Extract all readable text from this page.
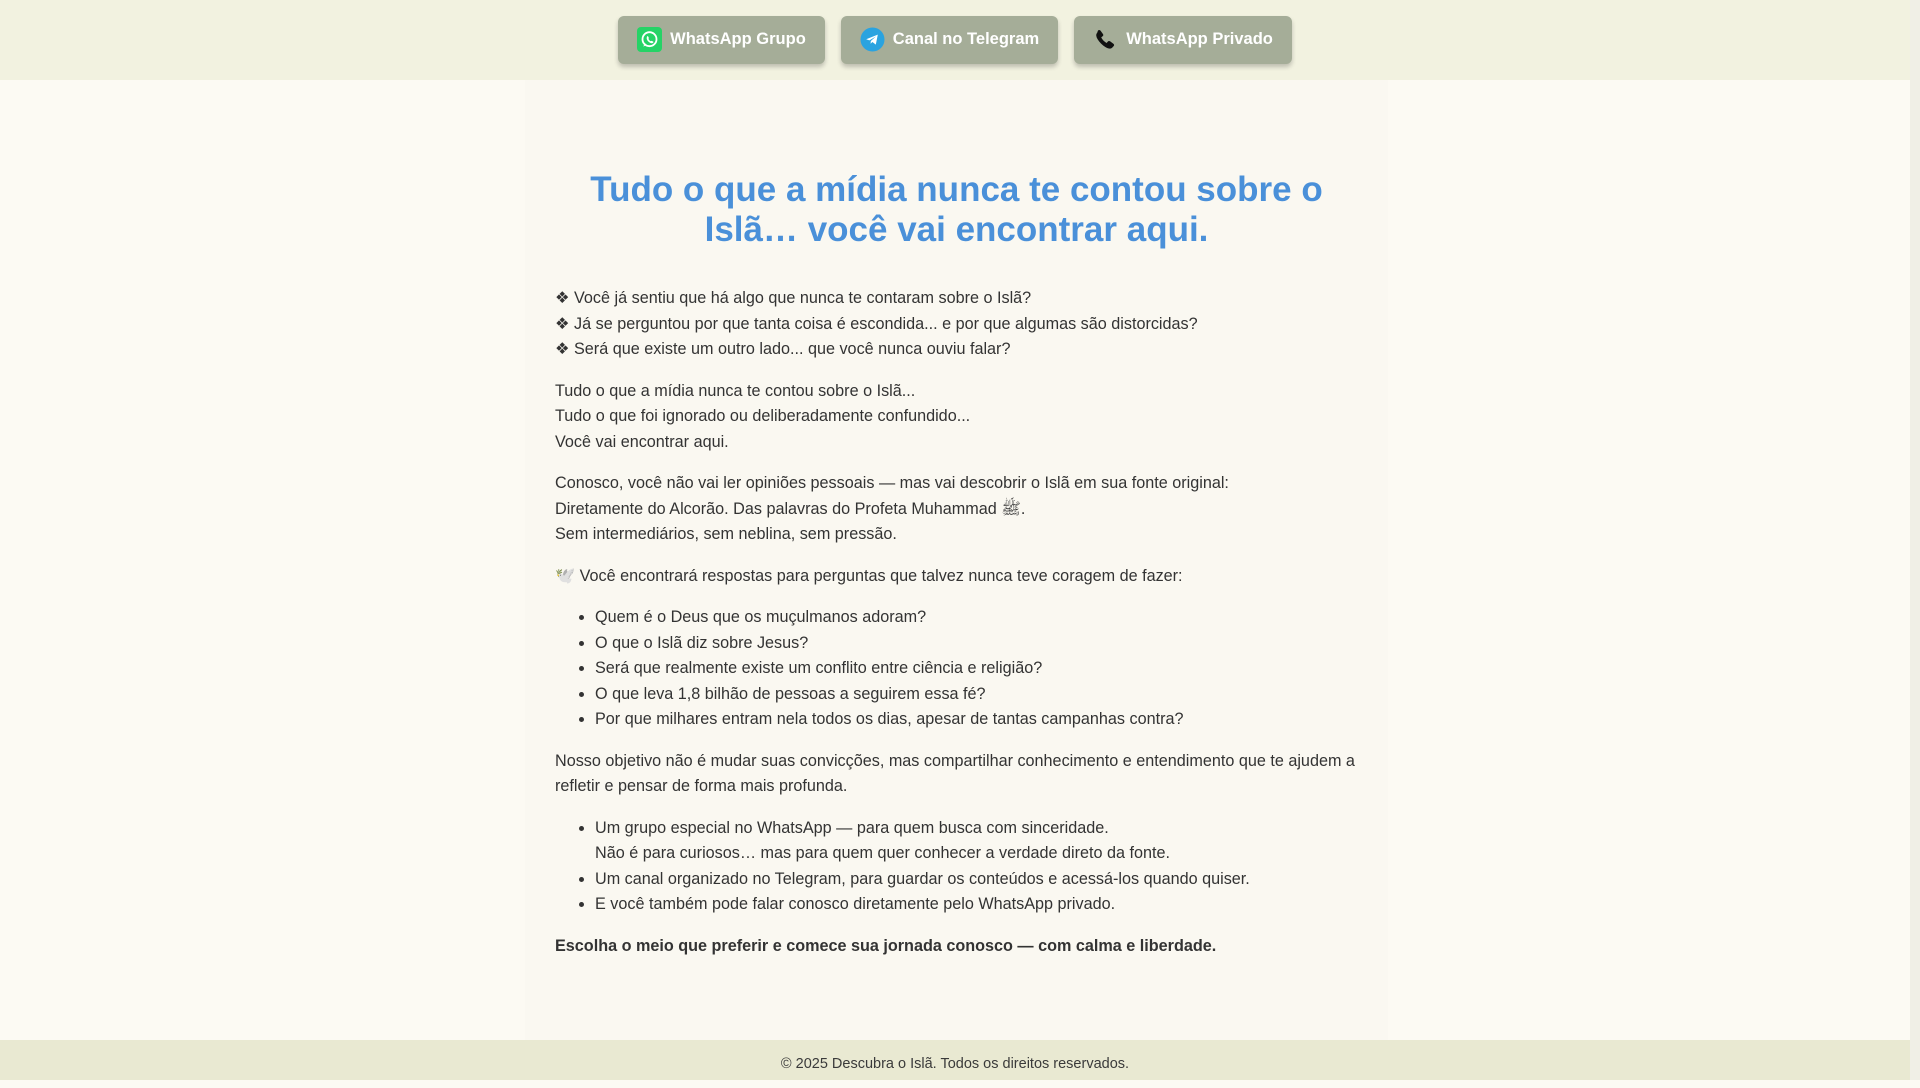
WhatsApp Grupo	Canal no Telegram	WhatsApp Privado
Tudo o que a mídia nunca te contou sobre o Islã… você vai encontrar aqui.

❖ Você já sentiu que há algo que nunca te contaram sobre o Islã?
❖ Já se perguntou por que tanta coisa é escondida... e por que algumas são distorcidas?
❖ Será que existe um outro lado... que você nunca ouviu falar?

Tudo o que a mídia nunca te contou sobre o Islã...
Tudo o que foi ignorado ou deliberadamente confundido...
Você vai encontrar aqui.

Conosco, você não vai ler opiniões pessoais — mas vai descobrir o Islã em sua fonte original:
Diretamente do Alcorão. Das palavras do Profeta Muhammad ﷺ.
Sem intermediários, sem neblina, sem pressão.

🕊️ Você encontrará respostas para perguntas que talvez nunca teve coragem de fazer:

• Quem é o Deus que os muçulmanos adoram?
• O que o Islã diz sobre Jesus?
• Será que realmente existe um conflito entre ciência e religião?
• O que leva 1,8 bilhão de pessoas a seguirem essa fé?
• Por que milhares entram nela todos os dias, apesar de tantas campanhas contra?

Nosso objetivo não é mudar suas convicções, mas compartilhar conhecimento e entendimento que te ajudem a refletir e pensar de forma mais profunda.

• Um grupo especial no WhatsApp — para quem busca com sinceridade.
Não é para curiosos… mas para quem quer conhecer a verdade direto da fonte.
• Um canal organizado no Telegram, para guardar os conteúdos e acessá-los quando quiser.
• E você também pode falar conosco diretamente pelo WhatsApp privado.

Escolha o meio que preferir e comece sua jornada conosco — com calma e liberdade.

© 2025 Descubra o Islã. Todos os direitos reservados.
